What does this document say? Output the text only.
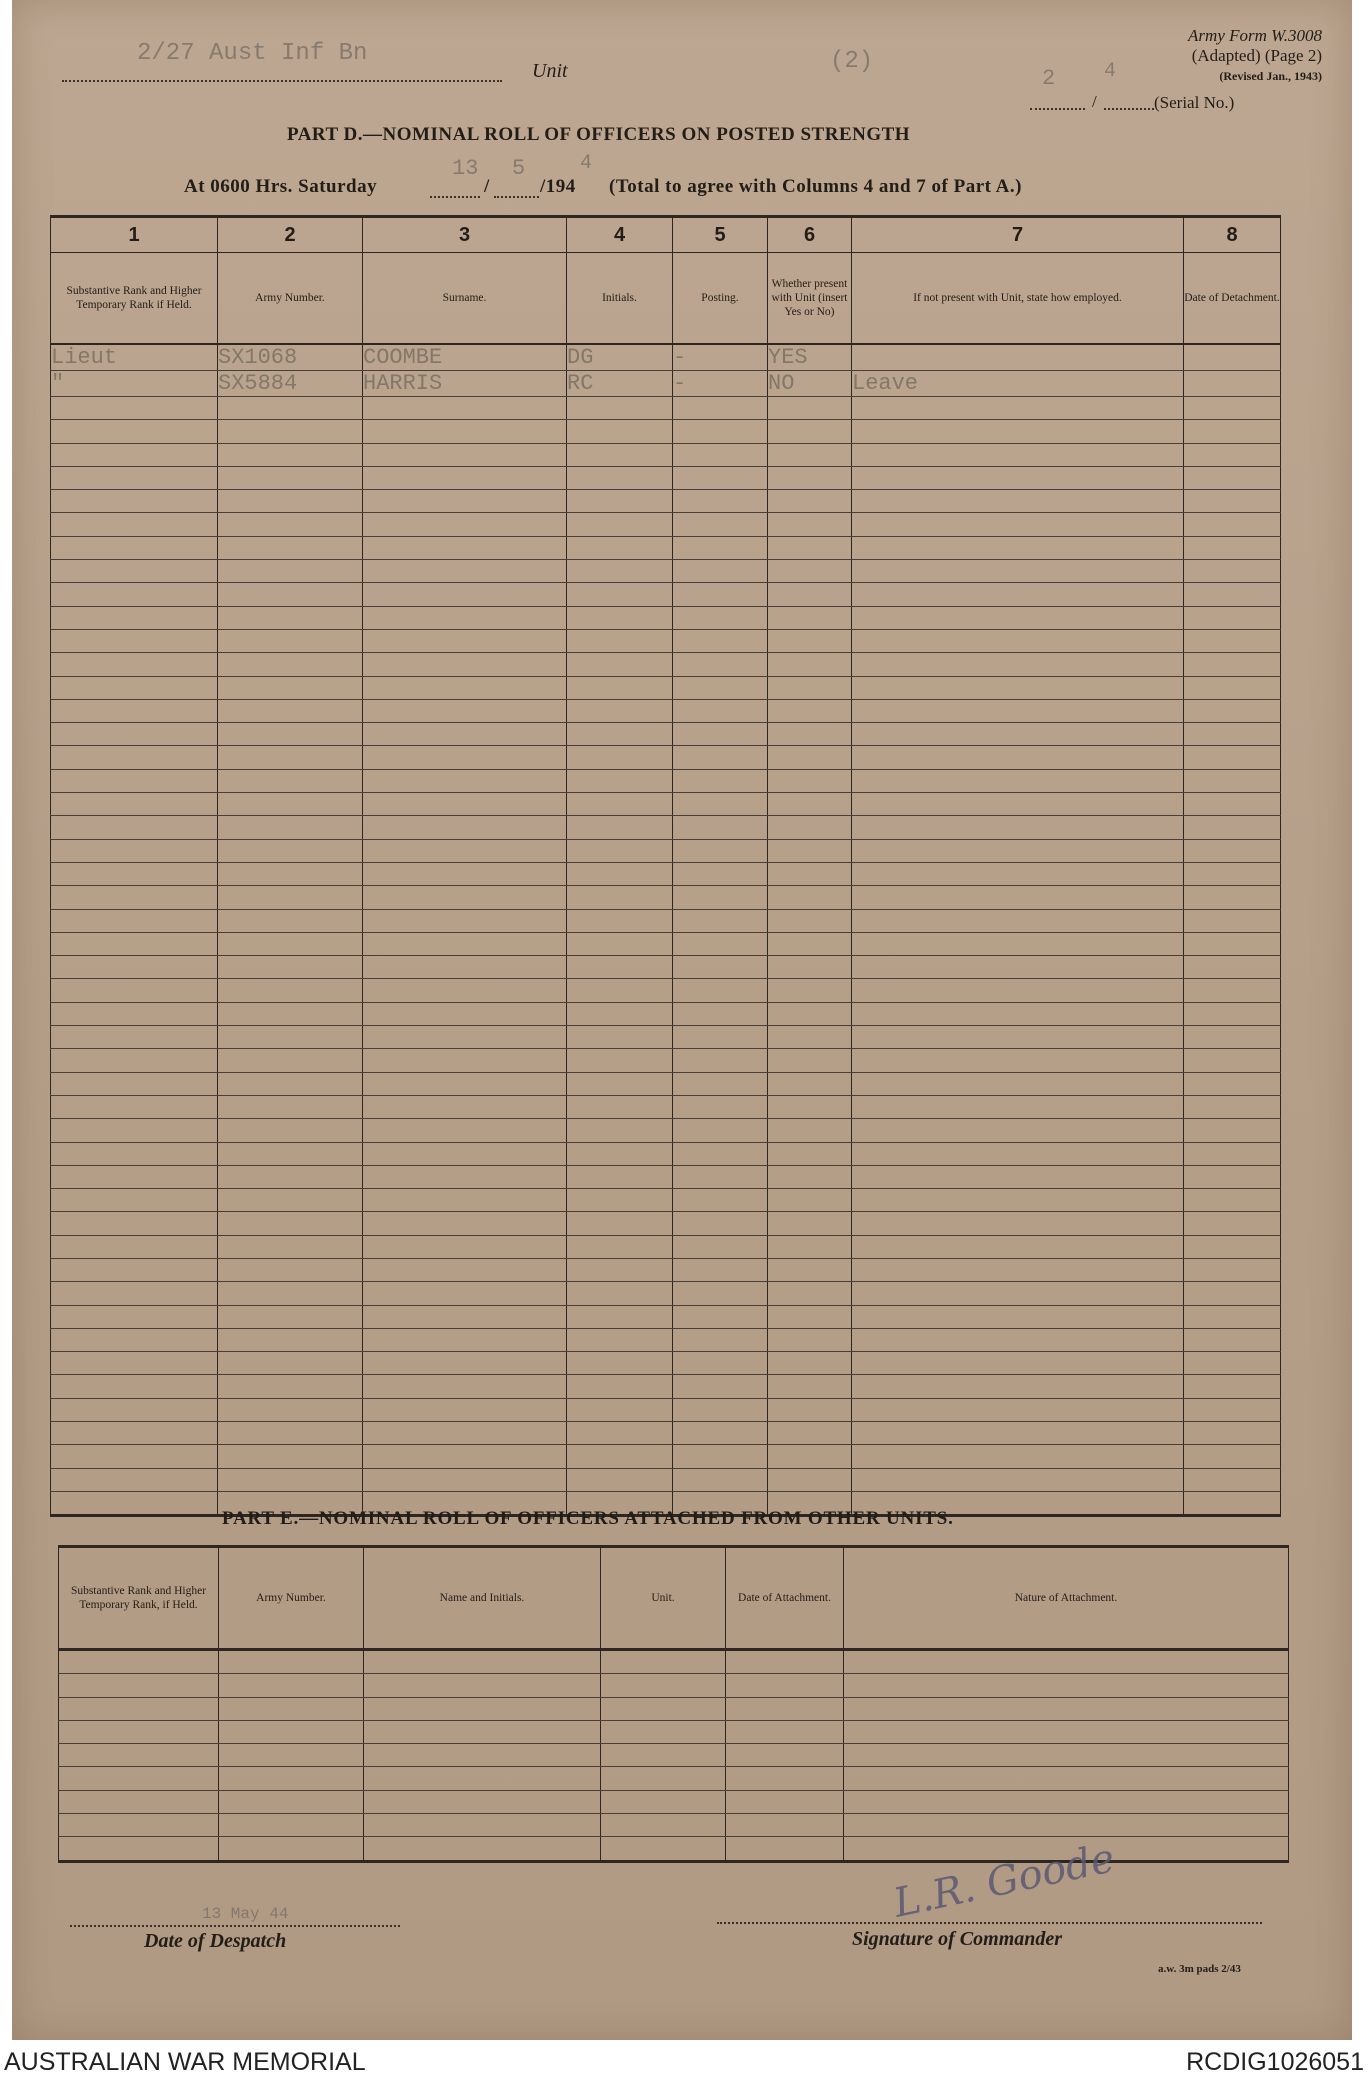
2/27 Aust Inf Bn
Unit	(2)
Army Form W.3008
(Adapted) (Page 2)
(Revised Jan., 1943)
2 4
/	(Serial No.)
PART D.—NOMINAL ROLL OF OFFICERS ON POSTED STRENGTH
At 0600 Hrs. Saturday
13
/
5
/194
4
(Total to agree with Columns 4 and 7 of Part A.)
1	2	3	4	5	6	7	8
Substantive Rank and Higher Temporary Rank if Held.	Army Number.	Surname.	Initials.	Posting.	Whether present with Unit (insert Yes or No)	If not present with Unit, state how employed.	Date of Detachment.
Lieut	SX1068	COOMBE	DG	-	YES		
"	SX5884	HARRIS	RC	-	NO	Leave	

PART E.—NOMINAL ROLL OF OFFICERS ATTACHED FROM OTHER UNITS.
Substantive Rank and Higher Temporary Rank, if Held.	Army Number.	Name and Initials.	Unit.	Date of Attachment.	Nature of Attachment.

13 May 44
Date of Despatch
L.R. Goode
Signature of Commander
a.w. 3m pads 2/43
AUSTRALIAN WAR MEMORIAL	RCDIG1026051
